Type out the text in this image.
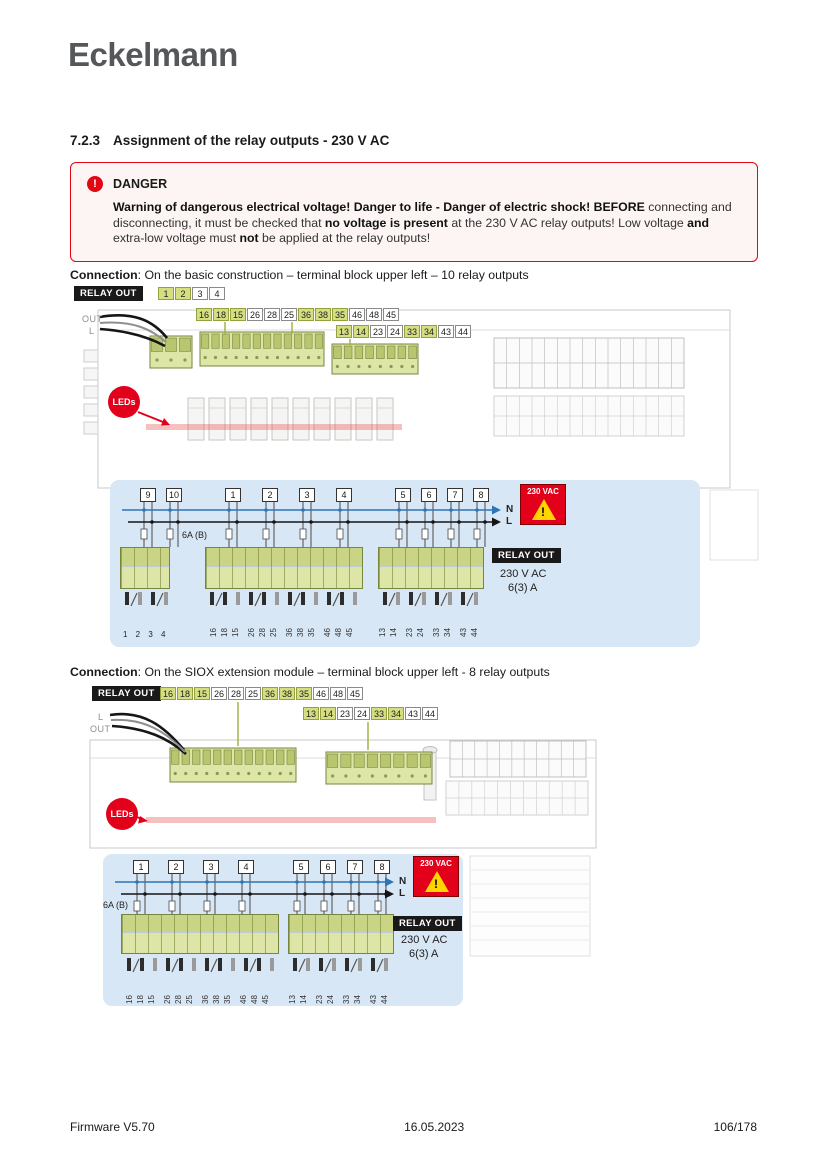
Eckelmann
7.2.3 Assignment of the relay outputs - 230 V AC
!	DANGER

Warning of dangerous electrical voltage! Danger to life - Danger of electric shock! BEFORE connecting and disconnecting, it must be checked that no voltage is present at the 230 V AC relay outputs! Low voltage and extra-low voltage must not be applied at the relay outputs!

Connection: On the basic construction – terminal block upper left – 10 relay outputs

RELAY OUT	1	2	3	4
16 18 15 26 28 25 36 38 35 46 48 45
13 14 23 24 33 34 43 44
OUT
L
LEDs
9	10	1	2	3	4	5	6	7	8
N
L
6A (B)
230 VAC
!
RELAY OUT
230 V AC
6(3) A
16 18 15 26 28 25 36 38 35 46 48 45	13 14 23 24 33 34 43 44
1 2 3 4

Connection: On the SIOX extension module – terminal block upper left - 8 relay outputs

RELAY OUT 16 18 15 26 28 25 36 38 35 46 48 45
13 14 23 24 33 34 43 44
L
OUT
LEDs
1	2	3	4	5	6	7	8
N
L
6A (B)
230 VAC
!
RELAY OUT
230 V AC
6(3) A
16 18 15 26 28 25 36 38 35 46 48 45 13 14 23 24 33 34 43 44
Firmware V5.70	16.05.2023	106/178
